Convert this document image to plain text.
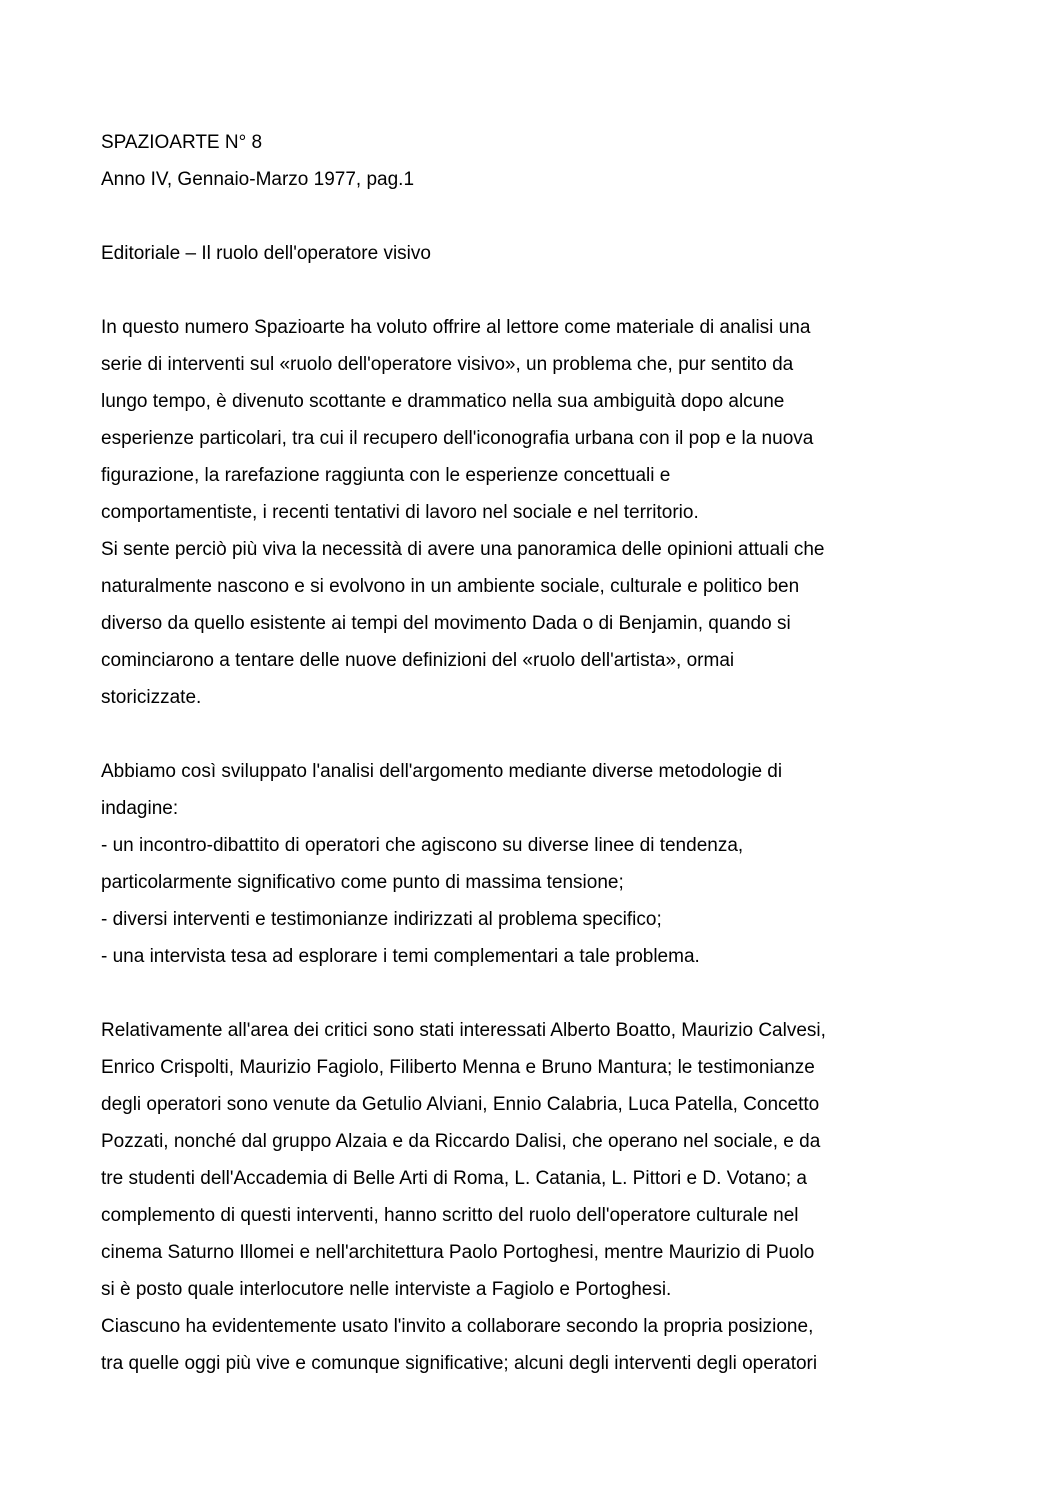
SPAZIOARTE N° 8
Anno IV, Gennaio-Marzo 1977, pag.1
Editoriale – Il ruolo dell'operatore visivo
In questo numero Spazioarte ha voluto offrire al lettore come materiale di analisi una
serie di interventi sul «ruolo dell'operatore visivo», un problema che, pur sentito da
lungo tempo, è divenuto scottante e drammatico nella sua ambiguità dopo alcune
esperienze particolari, tra cui il recupero dell'iconografia urbana con il pop e la nuova
figurazione, la rarefazione raggiunta con le esperienze concettuali e
comportamentiste, i recenti tentativi di lavoro nel sociale e nel territorio.
Si sente perciò più viva la necessità di avere una panoramica delle opinioni attuali che
naturalmente nascono e si evolvono in un ambiente sociale, culturale e politico ben
diverso da quello esistente ai tempi del movimento Dada o di Benjamin, quando si
cominciarono a tentare delle nuove definizioni del «ruolo dell'artista», ormai
storicizzate.
Abbiamo così sviluppato l'analisi dell'argomento mediante diverse metodologie di
indagine:
- un incontro-dibattito di operatori che agiscono su diverse linee di tendenza,
particolarmente significativo come punto di massima tensione;
- diversi interventi e testimonianze indirizzati al problema specifico;
- una intervista tesa ad esplorare i temi complementari a tale problema.
Relativamente all'area dei critici sono stati interessati Alberto Boatto, Maurizio Calvesi,
Enrico Crispolti, Maurizio Fagiolo, Filiberto Menna e Bruno Mantura; le testimonianze
degli operatori sono venute da Getulio Alviani, Ennio Calabria, Luca Patella, Concetto
Pozzati, nonché dal gruppo Alzaia e da Riccardo Dalisi, che operano nel sociale, e da
tre studenti dell'Accademia di Belle Arti di Roma, L. Catania, L. Pittori e D. Votano; a
complemento di questi interventi, hanno scritto del ruolo dell'operatore culturale nel
cinema Saturno Illomei e nell'architettura Paolo Portoghesi, mentre Maurizio di Puolo
si è posto quale interlocutore nelle interviste a Fagiolo e Portoghesi.
Ciascuno ha evidentemente usato l'invito a collaborare secondo la propria posizione,
tra quelle oggi più vive e comunque significative; alcuni degli interventi degli operatori
